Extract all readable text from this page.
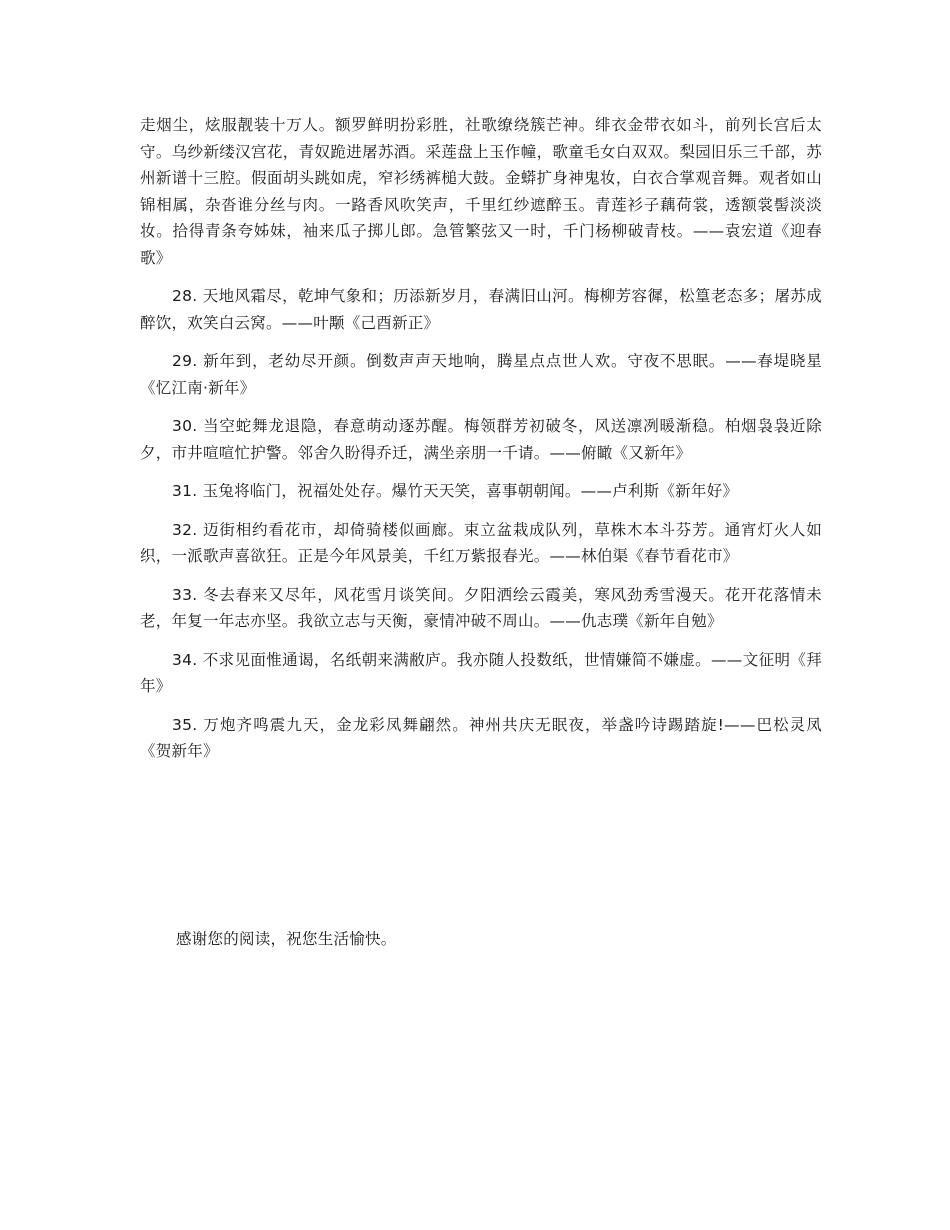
走烟尘，炫服靓装十万人。额罗鲜明扮彩胜，社歌缭绕簇芒神。绯衣金带衣如斗，前列长宫后太守。乌纱新缕汉宫花，青奴跪进屠苏酒。采莲盘上玉作幢，歌童毛女白双双。梨园旧乐三千部，苏州新谱十三腔。假面胡头跳如虎，窄衫绣裤槌大鼓。金蟒扩身神鬼妆，白衣合掌观音舞。观者如山锦相属，杂沓谁分丝与肉。一路香风吹笑声，千里红纱遮醉玉。青莲衫子藕荷裳，透额裳髻淡淡妆。拾得青条夸姊妹，袖来瓜子掷儿郎。急管繁弦又一时，千门杨柳破青枝。——袁宏道《迎春歌》

28. 天地风霜尽，乾坤气象和；历添新岁月，春满旧山河。梅柳芳容徲，松篁老态多；屠苏成醉饮，欢笑白云窝。——叶颙《己酉新正》

29. 新年到，老幼尽开颜。倒数声声天地响，腾星点点世人欢。守夜不思眠。——春堤晓星《忆江南·新年》

30. 当空蛇舞龙退隐，春意萌动逐苏醒。梅领群芳初破冬，风送凛冽暖渐稳。柏烟袅袅近除夕，市井喧喧忙护警。邻舍久盼得乔迁，满坐亲朋一千请。——俯瞰《又新年》

31. 玉兔将临门，祝福处处存。爆竹天天笑，喜事朝朝闻。——卢利斯《新年好》

32. 迈街相约看花市，却倚骑楼似画廊。束立盆栽成队列，草株木本斗芬芳。通宵灯火人如织，一派歌声喜欲狂。正是今年风景美，千红万紫报春光。——林伯渠《春节看花市》

33. 冬去春来又尽年，风花雪月谈笑间。夕阳洒绘云霞美，寒风劲秀雪漫天。花开花落情未老，年复一年志亦坚。我欲立志与天衡，豪情冲破不周山。——仇志璞《新年自勉》

34. 不求见面惟通谒，名纸朝来满敝庐。我亦随人投数纸，世情嫌简不嫌虚。——文征明《拜年》

35. 万炮齐鸣震九天，金龙彩凤舞翩然。神州共庆无眠夜，举盏吟诗踢踏旋!——巴松灵凤《贺新年》

感谢您的阅读，祝您生活愉快。
